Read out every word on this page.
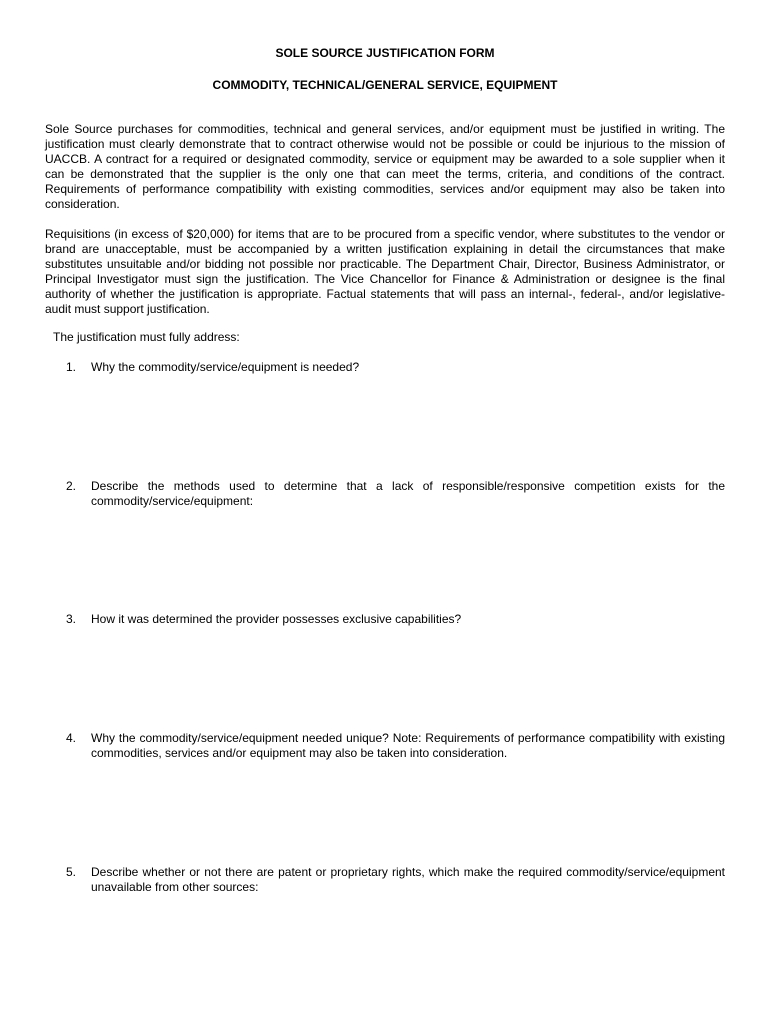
SOLE SOURCE JUSTIFICATION FORM
COMMODITY, TECHNICAL/GENERAL SERVICE, EQUIPMENT
Sole Source purchases for commodities, technical and general services, and/or equipment must be justified in writing. The justification must clearly demonstrate that to contract otherwise would not be possible or could be injurious to the mission of UACCB. A contract for a required or designated commodity, service or equipment may be awarded to a sole supplier when it can be demonstrated that the supplier is the only one that can meet the terms, criteria, and conditions of the contract. Requirements of performance compatibility with existing commodities, services and/or equipment may also be taken into consideration.
Requisitions (in excess of $20,000) for items that are to be procured from a specific vendor, where substitutes to the vendor or brand are unacceptable, must be accompanied by a written justification explaining in detail the circumstances that make substitutes unsuitable and/or bidding not possible nor practicable. The Department Chair, Director, Business Administrator, or Principal Investigator must sign the justification. The Vice Chancellor for Finance & Administration or designee is the final authority of whether the justification is appropriate. Factual statements that will pass an internal-, federal-, and/or legislative-audit must support justification.
The justification must fully address:
1.	Why the commodity/service/equipment is needed?
2.	Describe the methods used to determine that a lack of responsible/responsive competition exists for the commodity/service/equipment:
3.	How it was determined the provider possesses exclusive capabilities?
4.	Why the commodity/service/equipment needed unique? Note: Requirements of performance compatibility with existing commodities, services and/or equipment may also be taken into consideration.
5.	Describe whether or not there are patent or proprietary rights, which make the required commodity/service/equipment unavailable from other sources:
